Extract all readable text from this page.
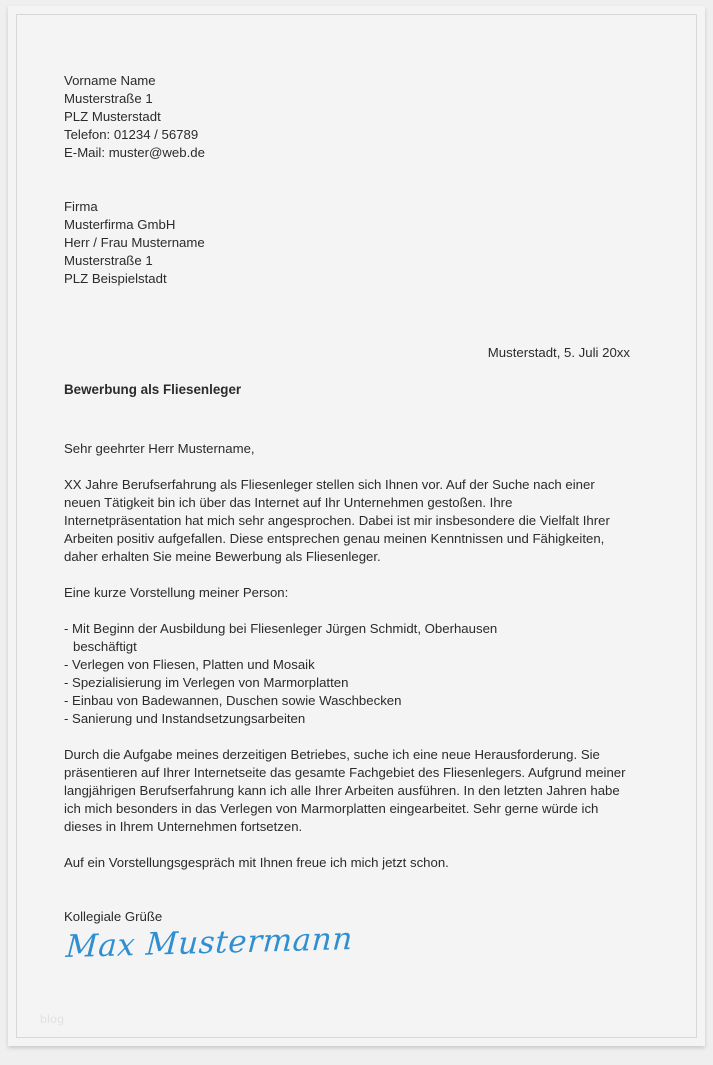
Vorname Name
Musterstraße 1
PLZ Musterstadt
Telefon: 01234 / 56789
E-Mail: muster@web.de
Firma
Musterfirma GmbH
Herr / Frau Mustername
Musterstraße 1
PLZ Beispielstadt
Musterstadt, 5. Juli 20xx
Bewerbung als Fliesenleger
Sehr geehrter Herr Mustername,
XX Jahre Berufserfahrung als Fliesenleger stellen sich Ihnen vor. Auf der Suche nach einer neuen Tätigkeit bin ich über das Internet auf Ihr Unternehmen gestoßen. Ihre Internetpräsentation hat mich sehr angesprochen. Dabei ist mir insbesondere die Vielfalt Ihrer Arbeiten positiv aufgefallen. Diese entsprechen genau meinen Kenntnissen und Fähigkeiten, daher erhalten Sie meine Bewerbung als Fliesenleger.
Eine kurze Vorstellung meiner Person:
- Mit Beginn der Ausbildung bei Fliesenleger Jürgen Schmidt, Oberhausen
beschäftigt
- Verlegen von Fliesen, Platten und Mosaik
- Spezialisierung im Verlegen von Marmorplatten
- Einbau von Badewannen, Duschen sowie Waschbecken
- Sanierung und Instandsetzungsarbeiten
Durch die Aufgabe meines derzeitigen Betriebes, suche ich eine neue Herausforderung. Sie präsentieren auf Ihrer Internetseite das gesamte Fachgebiet des Fliesenlegers. Aufgrund meiner langjährigen Berufserfahrung kann ich alle Ihrer Arbeiten ausführen. In den letzten Jahren habe ich mich besonders in das Verlegen von Marmorplatten eingearbeitet. Sehr gerne würde ich dieses in Ihrem Unternehmen fortsetzen.
Auf ein Vorstellungsgespräch mit Ihnen freue ich mich jetzt schon.
Kollegiale Grüße
Max Mustermann
blog
